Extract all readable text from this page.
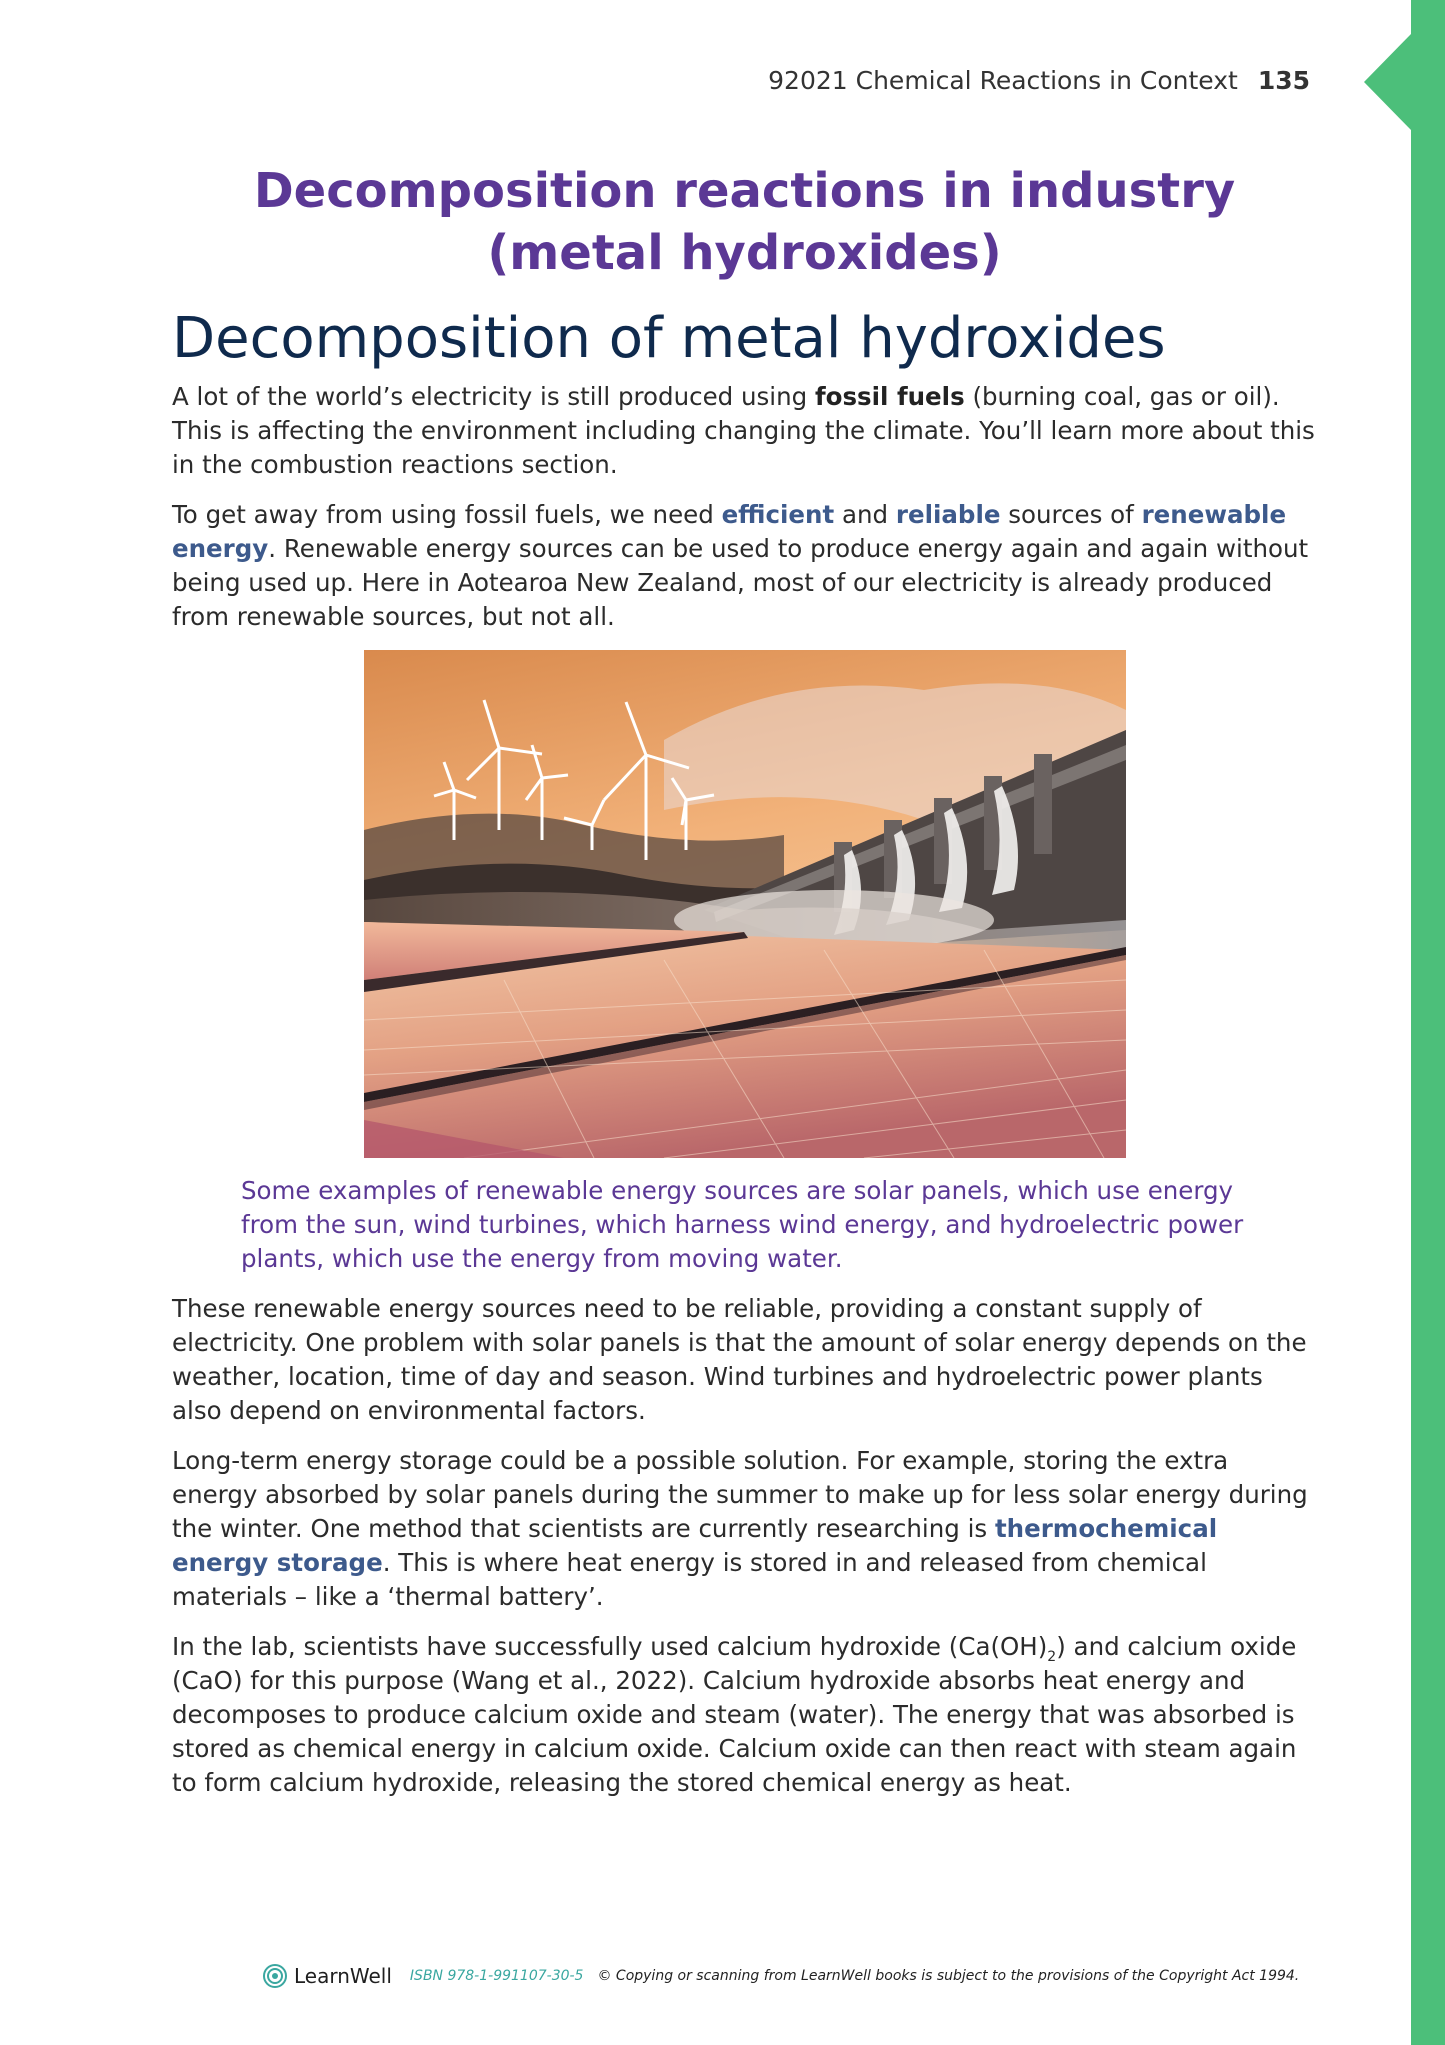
92021 Chemical Reactions in Context 135
Decomposition reactions in industry
(metal hydroxides)
Decomposition of metal hydroxides

A lot of the world’s electricity is still produced using fossil fuels (burning coal, gas or oil). This is affecting the environment including changing the climate. You’ll learn more about this in the combustion reactions section.

To get away from using fossil fuels, we need efficient and reliable sources of renewable energy. Renewable energy sources can be used to produce energy again and again without being used up. Here in Aotearoa New Zealand, most of our electricity is already produced from renewable sources, but not all.

Some examples of renewable energy sources are solar panels, which use energy from the sun, wind turbines, which harness wind energy, and hydroelectric power plants, which use the energy from moving water.

These renewable energy sources need to be reliable, providing a constant supply of electricity. One problem with solar panels is that the amount of solar energy depends on the weather, location, time of day and season. Wind turbines and hydroelectric power plants also depend on environmental factors.

Long-term energy storage could be a possible solution. For example, storing the extra energy absorbed by solar panels during the summer to make up for less solar energy during the winter. One method that scientists are currently researching is thermochemical energy storage. This is where heat energy is stored in and released from chemical materials – like a ‘thermal battery’.

In the lab, scientists have successfully used calcium hydroxide $(Ca(OH)_2)$ and calcium oxide (CaO) for this purpose (Wang et al., 2022). Calcium hydroxide absorbs heat energy and decomposes to produce calcium oxide and steam (water). The energy that was absorbed is stored as chemical energy in calcium oxide. Calcium oxide can then react with steam again to form calcium hydroxide, releasing the stored chemical energy as heat.

LearnWell ISBN 978-1-991107-30-5 © Copying or scanning from LearnWell books is subject to the provisions of the Copyright Act 1994.
